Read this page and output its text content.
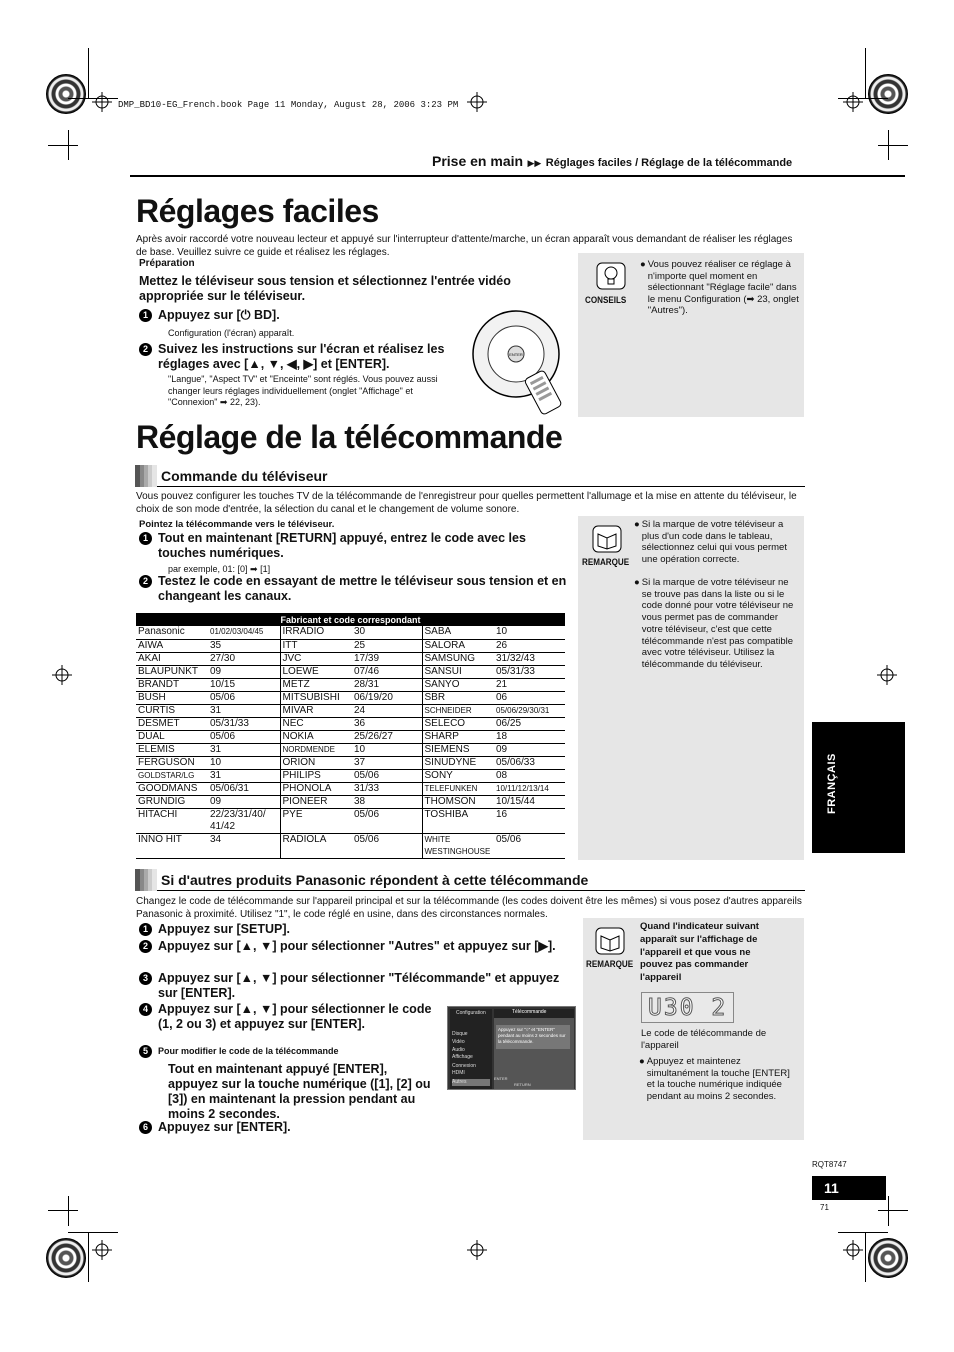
DMP_BD10-EG_French.book Page 11 Monday, August 28, 2006 3:23 PM
Prise en main ▶▶ Réglages faciles / Réglage de la télécommande
Réglages faciles
Après avoir raccordé votre nouveau lecteur et appuyé sur l'interrupteur d'attente/marche, un écran apparaît vous demandant de réaliser les réglages de base. Veuillez suivre ce guide et réalisez les réglages.
Préparation
Mettez le téléviseur sous tension et sélectionnez l'entrée vidéo appropriée sur le téléviseur.
1 Appuyez sur [⏻ BD].
Configuration (l'écran) apparaît.
2 Suivez les instructions sur l'écran et réalisez les réglages avec [▲, ▼, ◀, ▶] et [ENTER].
"Langue", "Aspect TV" et "Enceinte" sont réglés. Vous pouvez aussi changer leurs réglages individuellement (onglet "Affichage" et "Connexion" ➡ 22, 23).
ENTER
CONSEILS
● Vous pouvez réaliser ce réglage à n'importe quel moment en sélectionnant "Réglage facile" dans le menu Configuration (➡ 23, onglet "Autres").
Réglage de la télécommande
Commande du téléviseur
Vous pouvez configurer les touches TV de la télécommande de l'enregistreur pour quelles permettent l'allumage et la mise en attente du téléviseur, le choix de son mode d'entrée, la sélection du canal et le changement de volume sonore.
Pointez la télécommande vers le téléviseur.
1 Tout en maintenant [RETURN] appuyé, entrez le code avec les touches numériques.
par exemple, 01: [0] ➡ [1]
2 Testez le code en essayant de mettre le téléviseur sous tension et en changeant les canaux.
Fabricant et code correspondant					
Panasonic	01/02/03/04/45	IRRADIO	30	SABA	10
AIWA	35	ITT	25	SALORA	26
AKAI	27/30	JVC	17/39	SAMSUNG	31/32/43
BLAUPUNKT	09	LOEWE	07/46	SANSUI	05/31/33
BRANDT	10/15	METZ	28/31	SANYO	21
BUSH	05/06	MITSUBISHI	06/19/20	SBR	06
CURTIS	31	MIVAR	24	SCHNEIDER	05/06/29/30/31
DESMET	05/31/33	NEC	36	SELECO	06/25
DUAL	05/06	NOKIA	25/26/27	SHARP	18
ELEMIS	31	NORDMENDE	10	SIEMENS	09
FERGUSON	10	ORION	37	SINUDYNE	05/06/33
GOLDSTAR/LG	31	PHILIPS	05/06	SONY	08
GOODMANS	05/06/31	PHONOLA	31/33	TELEFUNKEN	10/11/12/13/14
GRUNDIG	09	PIONEER	38	THOMSON	10/15/44
HITACHI	22/23/31/40/ 41/42	PYE	05/06	TOSHIBA	16
INNO HIT	34	RADIOLA	05/06	WHITE WESTINGHOUSE	05/06
REMARQUE
● Si la marque de votre téléviseur a plus d'un code dans le tableau, sélectionnez celui qui vous permet une opération correcte.
● Si la marque de votre téléviseur ne se trouve pas dans la liste ou si le code donné pour votre téléviseur ne vous permet pas de commander votre téléviseur, c'est que cette télécommande n'est pas compatible avec votre téléviseur. Utilisez la télécommande du téléviseur.
Si d'autres produits Panasonic répondent à cette télécommande
Changez le code de télécommande sur l'appareil principal et sur la télécommande (les codes doivent être les mêmes) si vous posez d'autres appareils Panasonic à proximité. Utilisez "1", le code réglé en usine, dans des circonstances normales.
1 Appuyez sur [SETUP].
2 Appuyez sur [▲, ▼] pour sélectionner "Autres" et appuyez sur [▶].
3 Appuyez sur [▲, ▼] pour sélectionner "Télécommande" et appuyez sur [ENTER].
4 Appuyez sur [▲, ▼] pour sélectionner le code (1, 2 ou 3) et appuyez sur [ENTER].
5	Pour modifier le code de la télécommande
Tout en maintenant appuyé [ENTER], appuyez sur la touche numérique ([1], [2] ou [3]) en maintenant la pression pendant au moins 2 secondes.
6 Appuyez sur [ENTER].
Télécommande
Configuration
Disque
Vidéo
Audio
Affichage
Connexion
HDMI
Autres
Appuyez sur "○" et "ENTER" pendant au moins 2 secondes sur la télécommande.
ENTER
RETURN
REMARQUE
Quand l'indicateur suivant apparaît sur l'affichage de l'appareil et que vous ne pouvez pas commander l'appareil
U30 2
Le code de télécommande de l'appareil
● Appuyez et maintenez simultanément la touche [ENTER] et la touche numérique indiquée pendant au moins 2 secondes.
FRANÇAIS
RQT8747
11
71
